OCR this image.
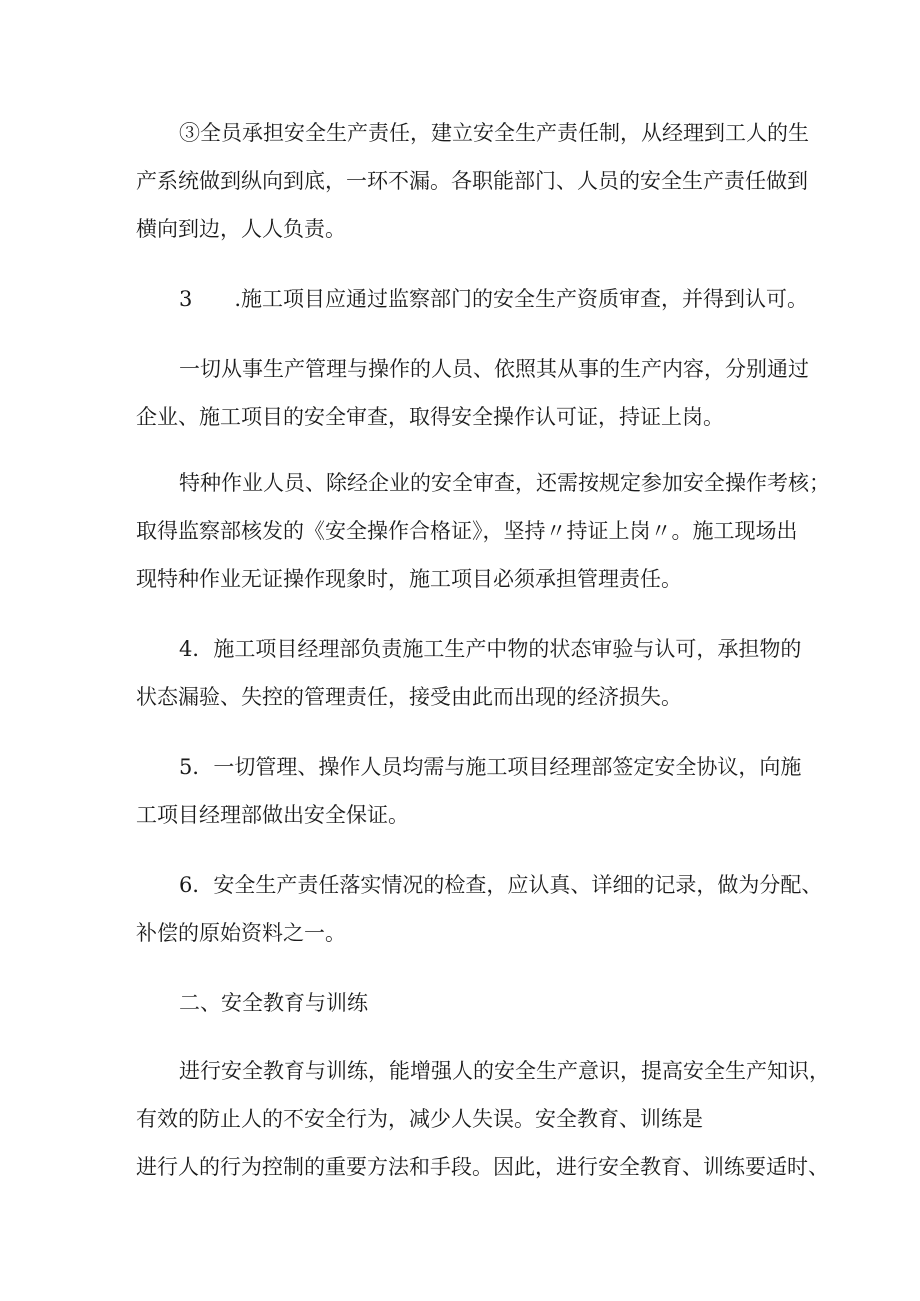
③全员承担安全生产责任，建立安全生产责任制，从经理到工人的生
产系统做到纵向到底，一环不漏。各职能部门、人员的安全生产责任做到
横向到边，人人负责。
3　　.施工项目应通过监察部门的安全生产资质审查，并得到认可。
一切从事生产管理与操作的人员、依照其从事的生产内容，分别通过
企业、施工项目的安全审查，取得安全操作认可证，持证上岗。
特种作业人员、除经企业的安全审查，还需按规定参加安全操作考核；
取得监察部核发的《安全操作合格证》，坚持〃持证上岗〃。施工现场出
现特种作业无证操作现象时，施工项目必须承担管理责任。
4．施工项目经理部负责施工生产中物的状态审验与认可，承担物的
状态漏验、失控的管理责任，接受由此而出现的经济损失。
5．一切管理、操作人员均需与施工项目经理部签定安全协议，向施
工项目经理部做出安全保证。
6．安全生产责任落实情况的检查，应认真、详细的记录，做为分配、
补偿的原始资料之一。
二、安全教育与训练
进行安全教育与训练，能增强人的安全生产意识，提高安全生产知识，
有效的防止人的不安全行为，减少人失误。安全教育、训练是
进行人的行为控制的重要方法和手段。因此，进行安全教育、训练要适时、
